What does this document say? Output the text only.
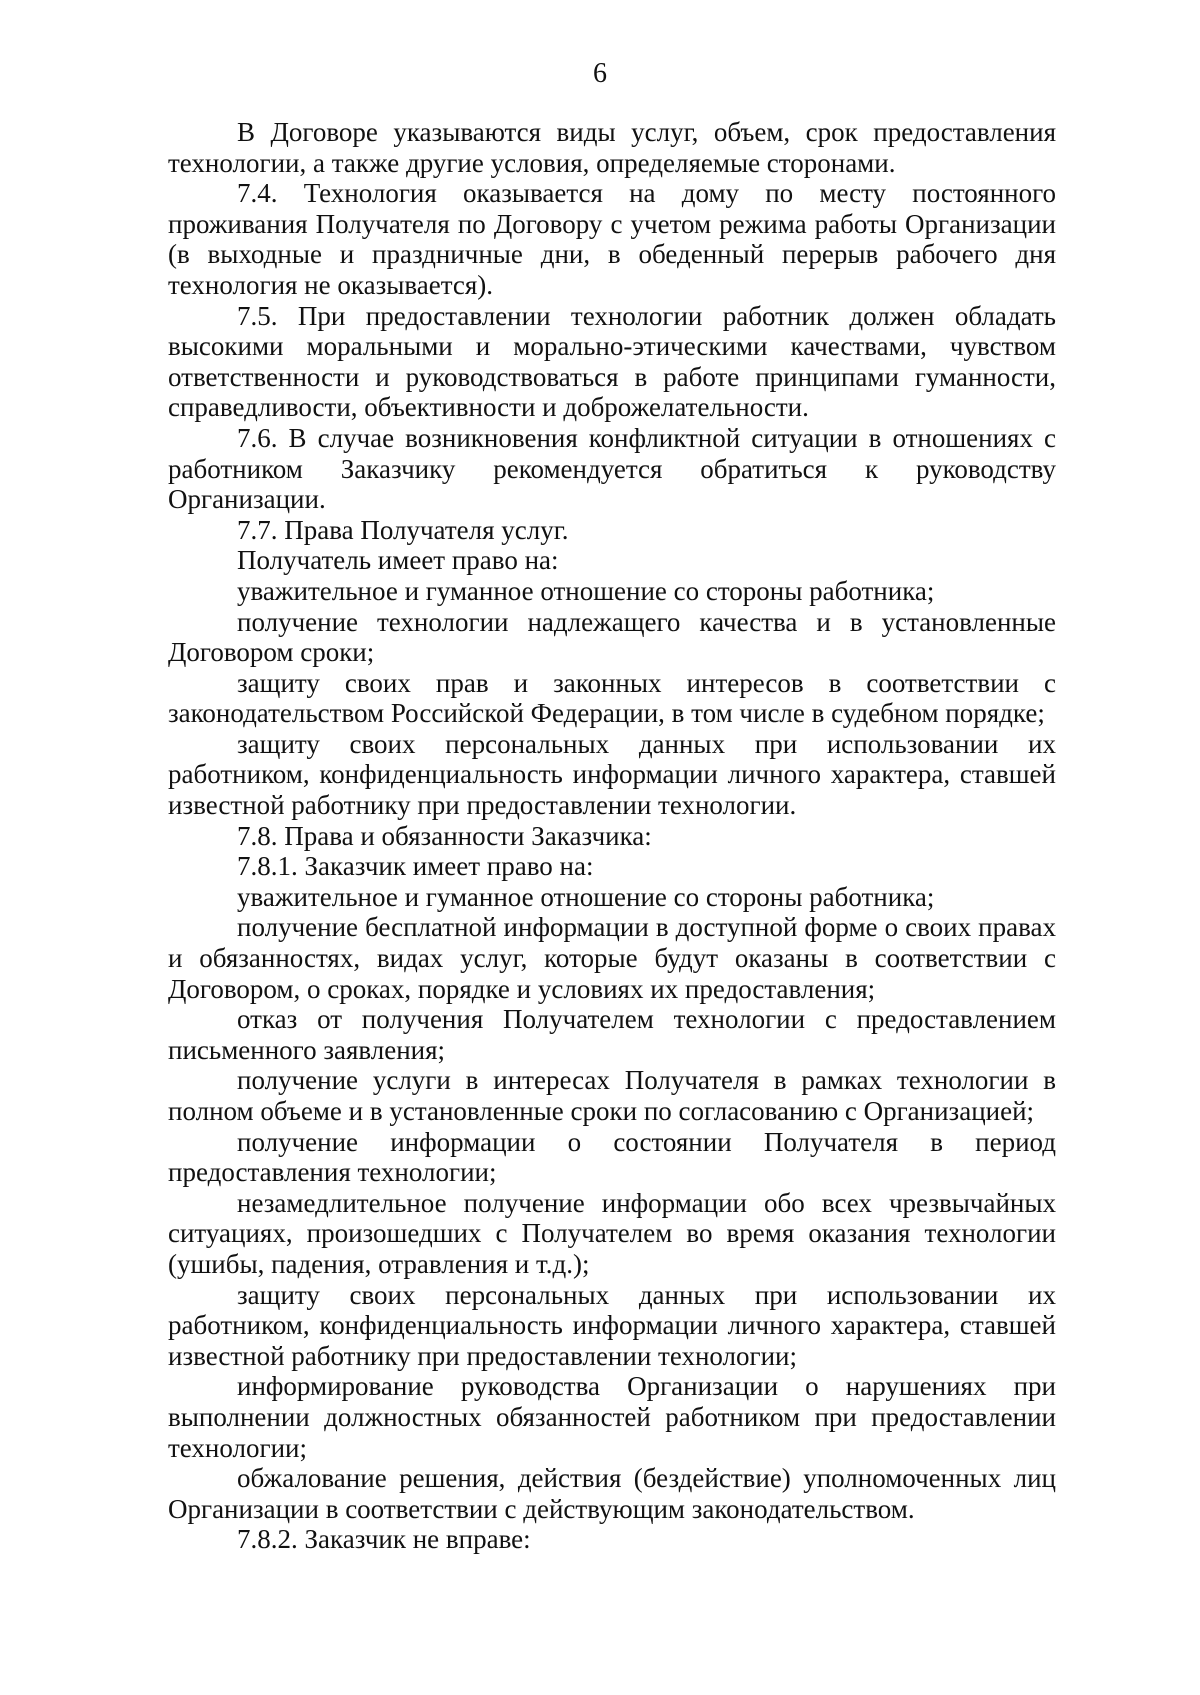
6

В Договоре указываются виды услуг, объем, срок предоставления технологии, а также другие условия, определяемые сторонами.

7.4. Технология оказывается на дому по месту постоянного проживания Получателя по Договору с учетом режима работы Организации (в выходные и праздничные дни, в обеденный перерыв рабочего дня технология не оказывается).

7.5. При предоставлении технологии работник должен обладать высокими моральными и морально-этическими качествами, чувством ответственности и руководствоваться в работе принципами гуманности, справедливости, объективности и доброжелательности.

7.6. В случае возникновения конфликтной ситуации в отношениях с работником Заказчику рекомендуется обратиться к руководству Организации.

7.7. Права Получателя услуг.

Получатель имеет право на:

уважительное и гуманное отношение со стороны работника;

получение технологии надлежащего качества и в установленные Договором сроки;

защиту своих прав и законных интересов в соответствии с законодательством Российской Федерации, в том числе в судебном порядке;

защиту своих персональных данных при использовании их работником, конфиденциальность информации личного характера, ставшей известной работнику при предоставлении технологии.

7.8. Права и обязанности Заказчика:

7.8.1. Заказчик имеет право на:

уважительное и гуманное отношение со стороны работника;

получение бесплатной информации в доступной форме о своих правах и обязанностях, видах услуг, которые будут оказаны в соответствии с Договором, о сроках, порядке и условиях их предоставления;

отказ от получения Получателем технологии с предоставлением письменного заявления;

получение услуги в интересах Получателя в рамках технологии в полном объеме и в установленные сроки по согласованию с Организацией;

получение информации о состоянии Получателя в период предоставления технологии;

незамедлительное получение информации обо всех чрезвычайных ситуациях, произошедших с Получателем во время оказания технологии (ушибы, падения, отравления и т.д.);

защиту своих персональных данных при использовании их работником, конфиденциальность информации личного характера, ставшей известной работнику при предоставлении технологии;

информирование руководства Организации о нарушениях при выполнении должностных обязанностей работником при предоставлении технологии;

обжалование решения, действия (бездействие) уполномоченных лиц Организации в соответствии с действующим законодательством.

7.8.2. Заказчик не вправе:
